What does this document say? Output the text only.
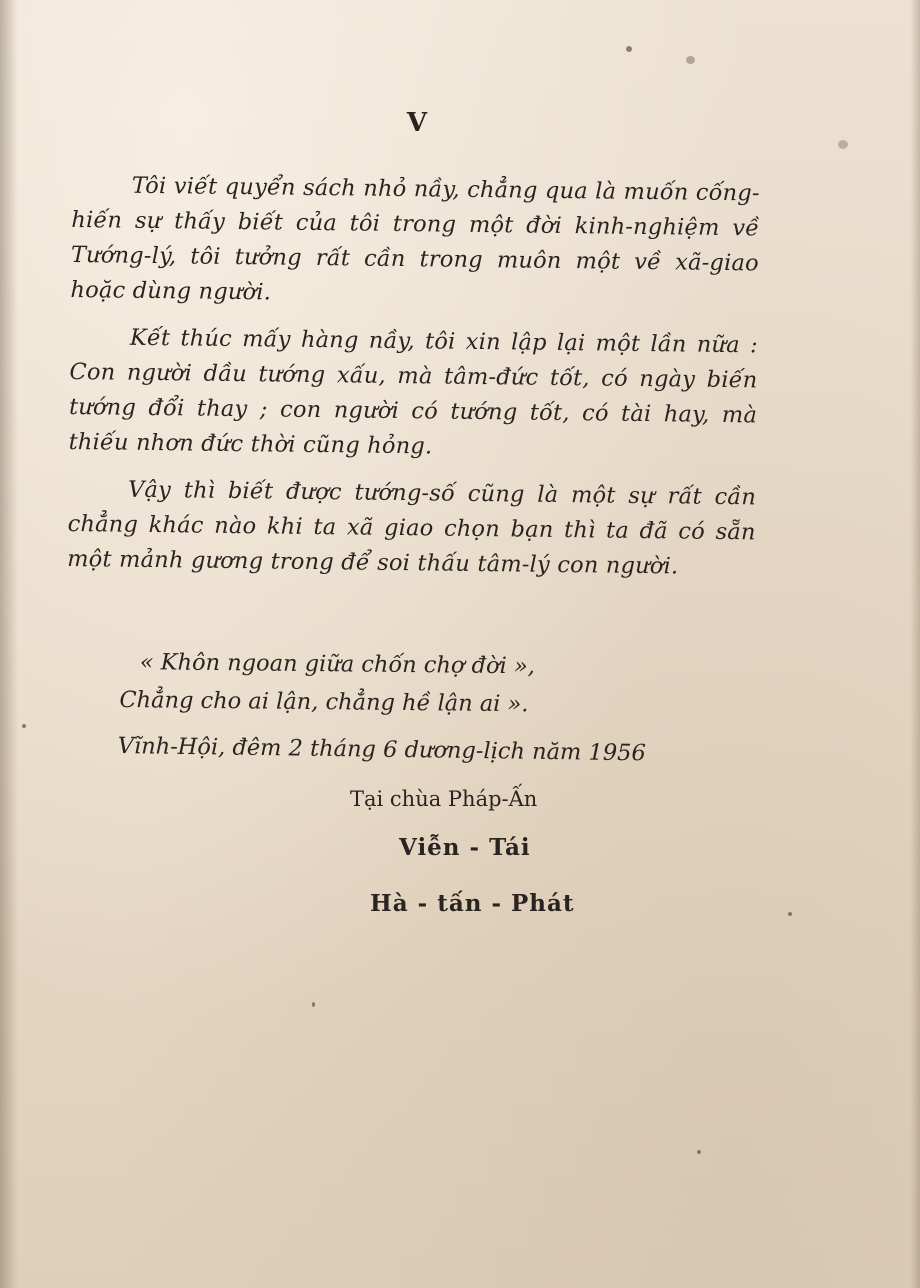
V

Tôi viết quyển sách nhỏ nầy, chẳng qua là muốn cống-hiến sự thấy biết của tôi trong một đời kinh-nghiệm về Tướng-lý, tôi tưởng rất cần trong muôn một về xã-giao hoặc dùng người.

Kết thúc mấy hàng nầy, tôi xin lập lại một lần nữa : Con người dầu tướng xấu, mà tâm-đức tốt, có ngày biến tướng đổi thay ; con người có tướng tốt, có tài hay, mà thiếu nhơn đức thời cũng hỏng.

Vậy thì biết được tướng-số cũng là một sự rất cần chẳng khác nào khi ta xã giao chọn bạn thì ta đã có sẵn một mảnh gương trong để soi thấu tâm-lý con người.

« Khôn ngoan giữa chốn chợ đời »,
Chẳng cho ai lận, chẳng hề lận ai ».
Vĩnh-Hội, đêm 2 tháng 6 dương-lịch năm 1956
Tại chùa Pháp-Ấn
Viễn - Tái
Hà - tấn - Phát
